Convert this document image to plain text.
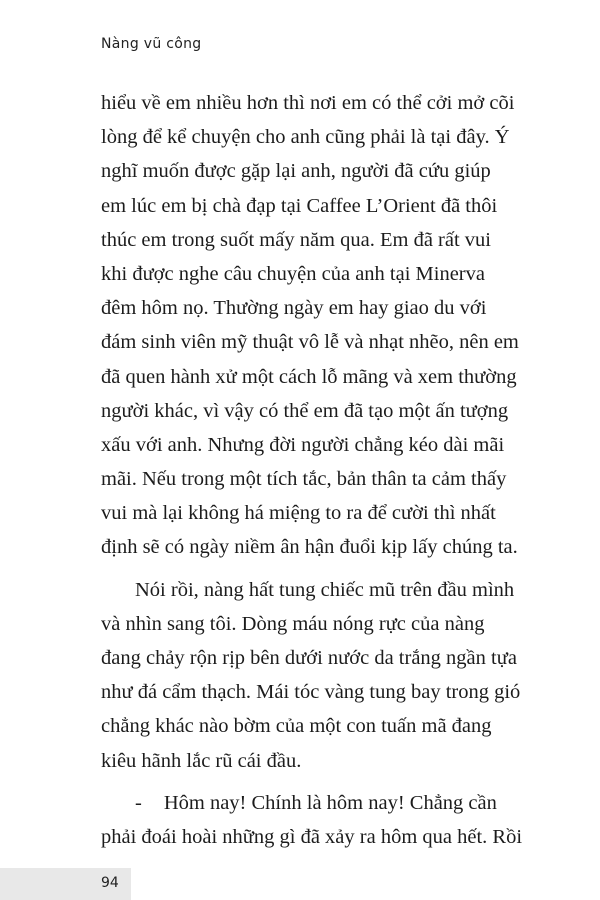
Nàng vũ công
hiểu về em nhiều hơn thì nơi em có thể cởi mở cõi
lòng để kể chuyện cho anh cũng phải là tại đây. Ý
nghĩ muốn được gặp lại anh, người đã cứu giúp
em lúc em bị chà đạp tại Caffee L’Orient đã thôi
thúc em trong suốt mấy năm qua. Em đã rất vui
khi được nghe câu chuyện của anh tại Minerva
đêm hôm nọ. Thường ngày em hay giao du với
đám sinh viên mỹ thuật vô lễ và nhạt nhẽo, nên em
đã quen hành xử một cách lỗ mãng và xem thường
người khác, vì vậy có thể em đã tạo một ấn tượng
xấu với anh. Nhưng đời người chẳng kéo dài mãi
mãi. Nếu trong một tích tắc, bản thân ta cảm thấy
vui mà lại không há miệng to ra để cười thì nhất
định sẽ có ngày niềm ân hận đuổi kịp lấy chúng ta.
Nói rồi, nàng hất tung chiếc mũ trên đầu mình
và nhìn sang tôi. Dòng máu nóng rực của nàng
đang chảy rộn rịp bên dưới nước da trắng ngần tựa
như đá cẩm thạch. Mái tóc vàng tung bay trong gió
chẳng khác nào bờm của một con tuấn mã đang
kiêu hãnh lắc rũ cái đầu.
- Hôm nay! Chính là hôm nay! Chẳng cần
phải đoái hoài những gì đã xảy ra hôm qua hết. Rồi
94
